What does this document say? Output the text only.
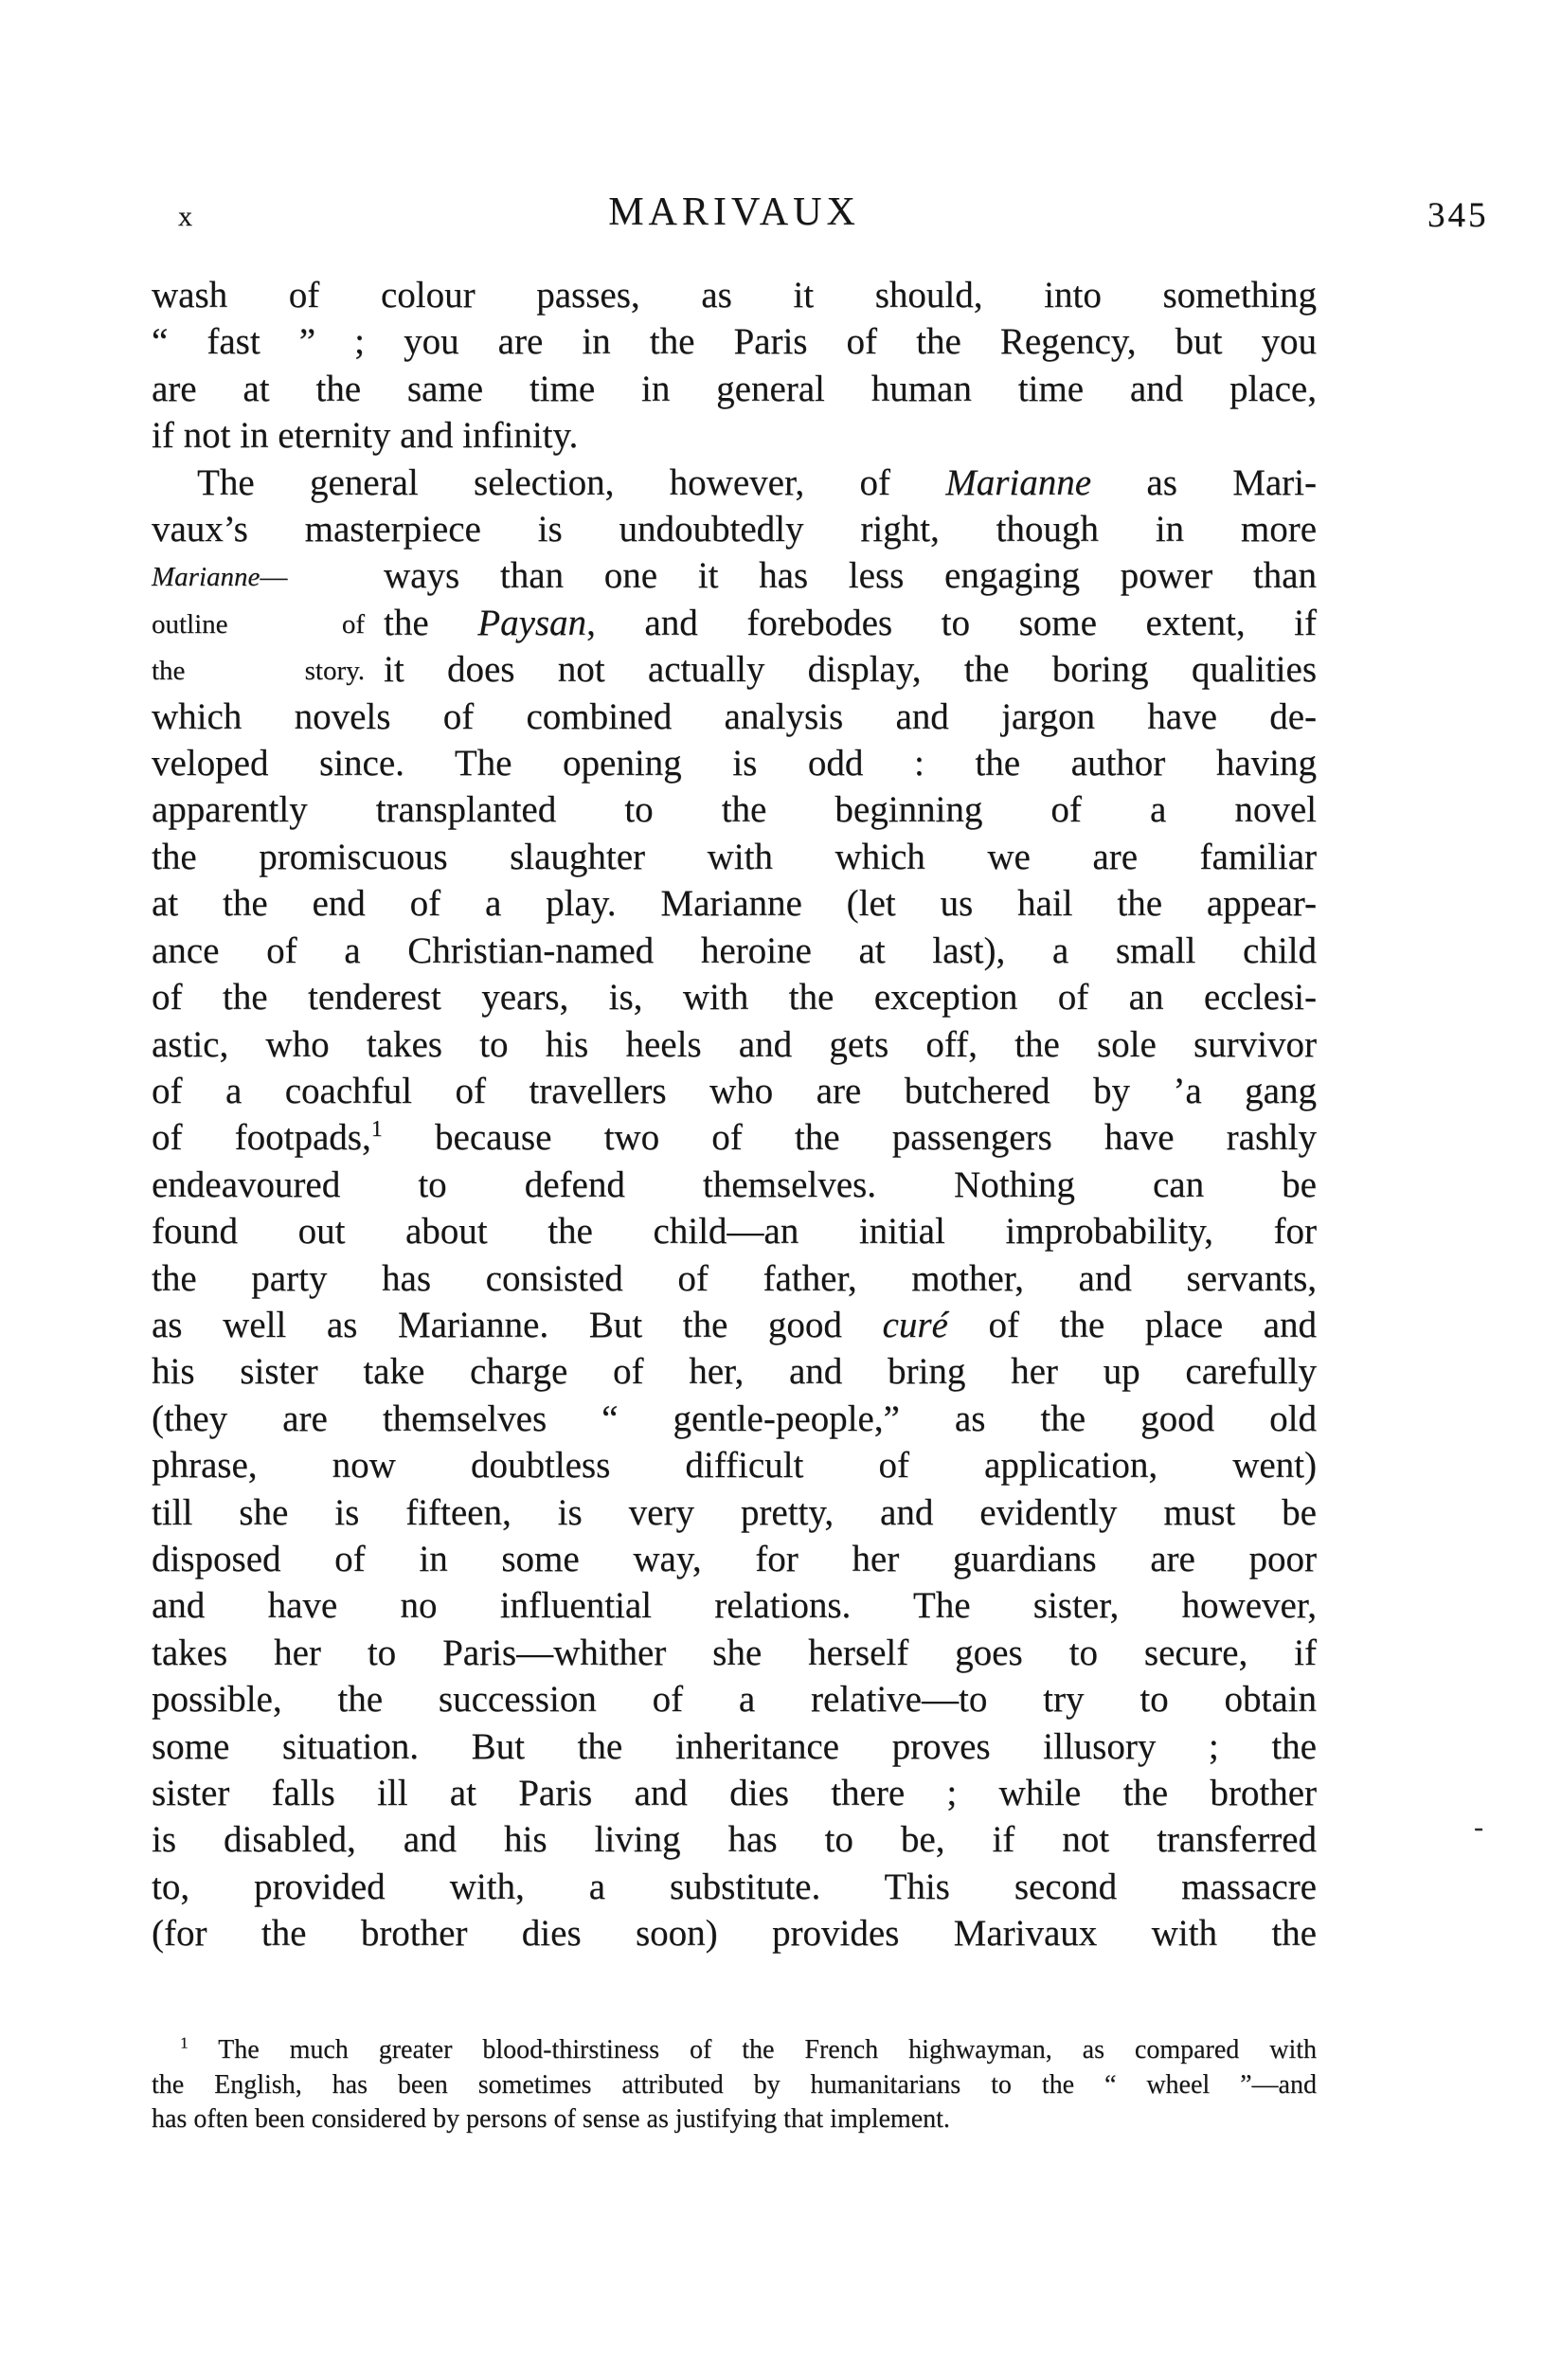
x	MARIVAUX	345
wash of colour passes, as it should, into something
“ fast ” ; you are in the Paris of the Regency, but you
are at the same time in general human time and place,
if not in eternity and infinity.
The general selection, however, of Marianne as Mari-
vaux’s masterpiece is undoubtedly right, though in more
Marianne—	ways than one it has less engaging power than
outline of the Paysan, and forebodes to some extent, if
the story. it does not actually display, the boring qualities
which novels of combined analysis and jargon have de-
veloped since. The opening is odd : the author having
apparently transplanted to the beginning of a novel
the promiscuous slaughter with which we are familiar
at the end of a play. Marianne (let us hail the appear-
ance of a Christian-named heroine at last), a small child
of the tenderest years, is, with the exception of an ecclesi-
astic, who takes to his heels and gets off, the sole survivor
of a coachful of travellers who are butchered by ’a gang
of footpads,$^1$ because two of the passengers have rashly
endeavoured to defend themselves. Nothing can be
found out about the child—an initial improbability, for
the party has consisted of father, mother, and servants,
as well as Marianne. But the good curé of the place and
his sister take charge of her, and bring her up carefully
(they are themselves “ gentle-people,” as the good old
phrase, now doubtless difficult of application, went)
till she is fifteen, is very pretty, and evidently must be
disposed of in some way, for her guardians are poor
and have no influential relations. The sister, however,
takes her to Paris—whither she herself goes to secure, if
possible, the succession of a relative—to try to obtain
some situation. But the inheritance proves illusory ; the
sister falls ill at Paris and dies there ; while the brother
is disabled, and his living has to be, if not transferred
to, provided with, a substitute. This second massacre
(for the brother dies soon) provides Marivaux with the
$^1$ The much greater blood-thirstiness of the French highwayman, as compared with
the English, has been sometimes attributed by humanitarians to the “ wheel ”—and
has often been considered by persons of sense as justifying that implement.
-
